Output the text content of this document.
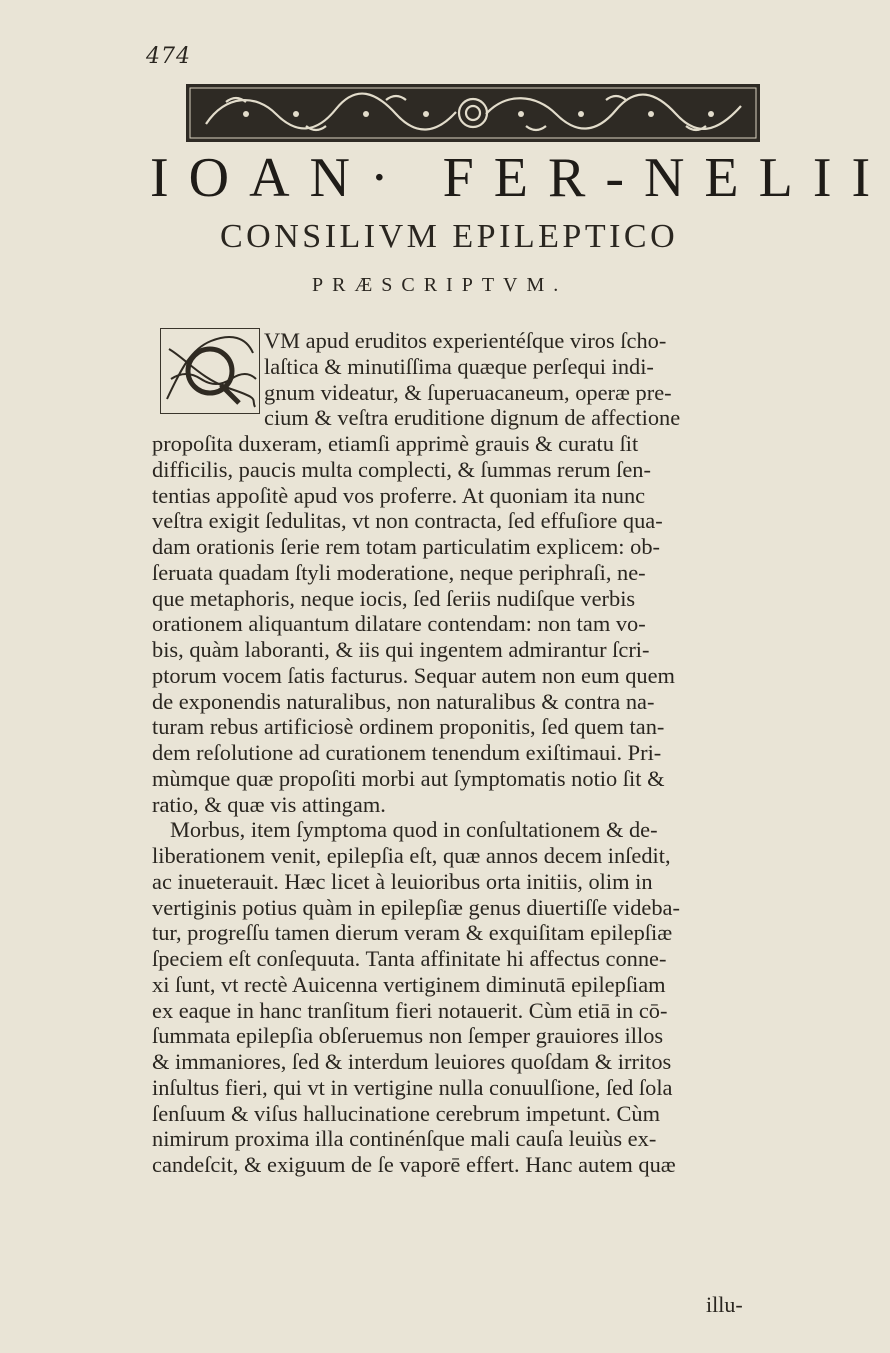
474
IOAN· FER-NELII
CONSILIVM EPILEPTICO
PRÆSCRIPTVM.
VM apud eruditos experientéſque viros ſcho-
laſtica & minutiſſima quæque perſequi indi-
gnum videatur, & ſuperuacaneum, operæ pre-
cium & veſtra eruditione dignum de affectione
propoſita duxeram, etiamſi apprimè grauis & curatu ſit
difficilis, paucis multa complecti, & ſummas rerum ſen-
tentias appoſitè apud vos proferre. At quoniam ita nunc
veſtra exigit ſedulitas, vt non contracta, ſed effuſiore qua-
dam orationis ſerie rem totam particulatim explicem: ob-
ſeruata quadam ſtyli moderatione, neque periphraſi, ne-
que metaphoris, neque iocis, ſed ſeriis nudiſque verbis
orationem aliquantum dilatare contendam: non tam vo-
bis, quàm laboranti, & iis qui ingentem admirantur ſcri-
ptorum vocem ſatis facturus. Sequar autem non eum quem
de exponendis naturalibus, non naturalibus & contra na-
turam rebus artificiosè ordinem proponitis, ſed quem tan-
dem reſolutione ad curationem tenendum exiſtimaui. Pri-
mùmque quæ propoſiti morbi aut ſymptomatis notio ſit &
ratio, & quæ vis attingam.
Morbus, item ſymptoma quod in conſultationem & de-
liberationem venit, epilepſia eſt, quæ annos decem inſedit,
ac inueterauit. Hæc licet à leuioribus orta initiis, olim in
vertiginis potius quàm in epilepſiæ genus diuertiſſe videba-
tur, progreſſu tamen dierum veram & exquiſitam epilepſiæ
ſpeciem eſt conſequuta. Tanta affinitate hi affectus conne-
xi ſunt, vt rectè Auicenna vertiginem diminutā epilepſiam
ex eaque in hanc tranſitum fieri notauerit. Cùm etiā in cō-
ſummata epilepſia obſeruemus non ſemper grauiores illos
& immaniores, ſed & interdum leuiores quoſdam & irritos
inſultus fieri, qui vt in vertigine nulla conuulſione, ſed ſola
ſenſuum & viſus hallucinatione cerebrum impetunt. Cùm
nimirum proxima illa continénſque mali cauſa leuiùs ex-
candeſcit, & exiguum de ſe vaporē effert. Hanc autem quæ
illu-
